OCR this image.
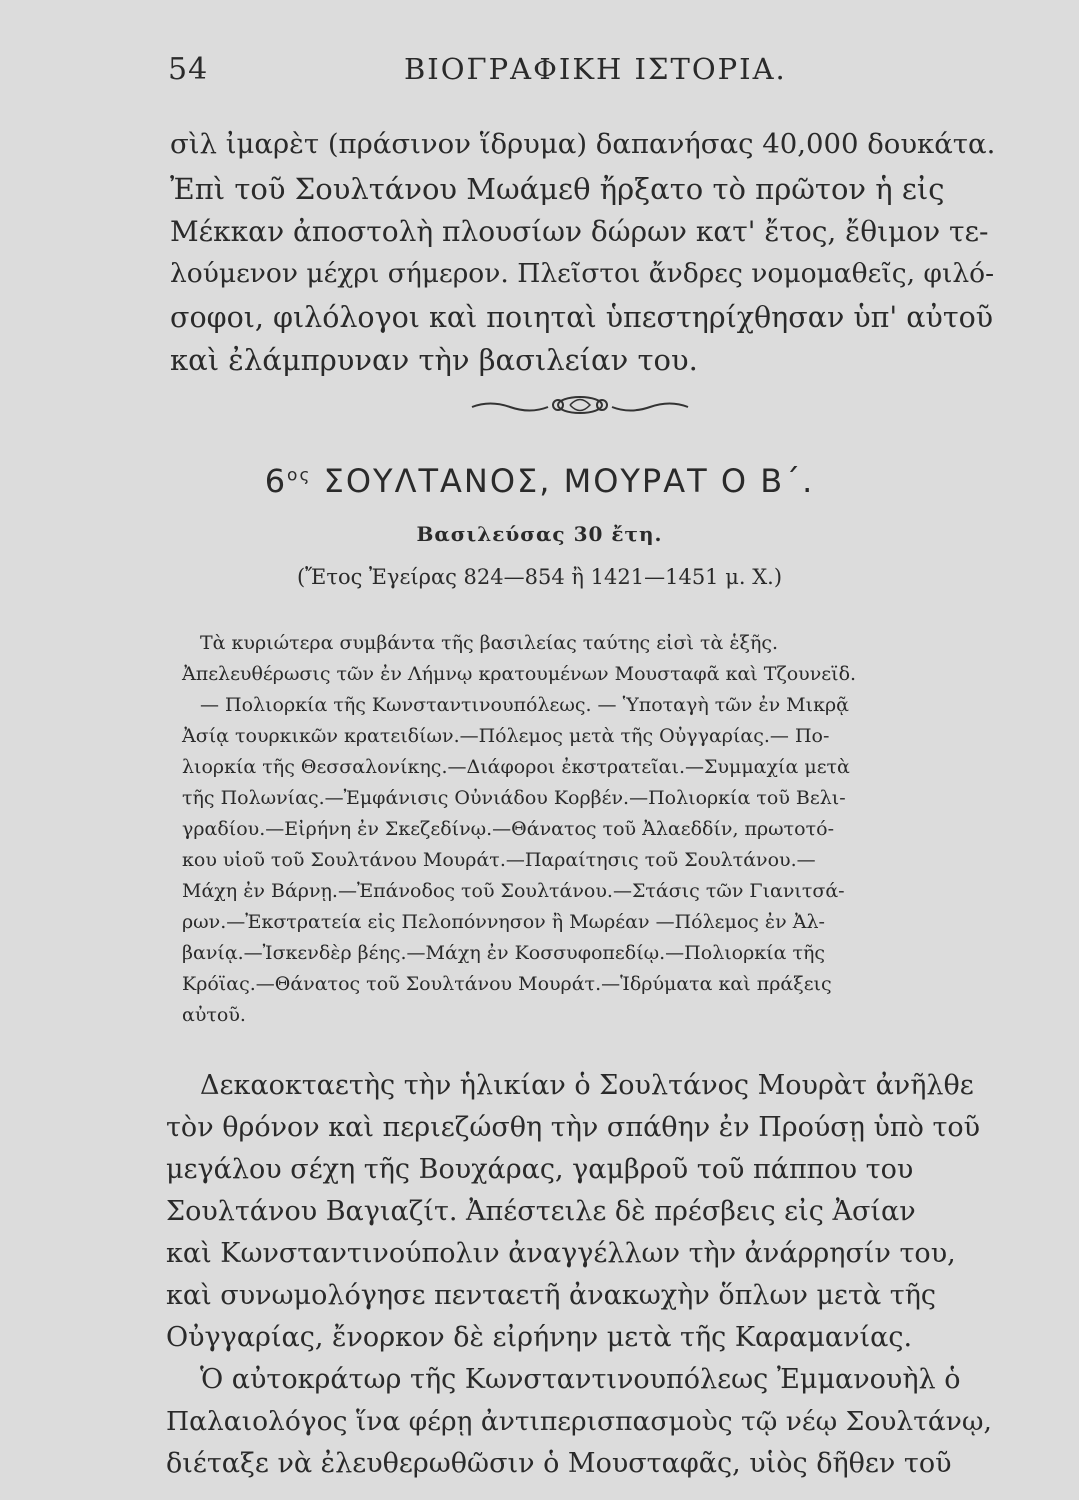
54	ΒΙΟΓΡΑΦΙΚΗ ΙΣΤΟΡΙΑ.
σὶλ ἰμαρὲτ (πράσινον ἵδρυμα) δαπανήσας 40,000 δουκάτα.
Ἐπὶ τοῦ Σουλτάνου Μωάμεθ ἤρξατο τὸ πρῶτον ἡ εἰς
Μέκκαν ἀποστολὴ πλουσίων δώρων κατ' ἔτος, ἔθιμον τε-
λούμενον μέχρι σήμερον. Πλεῖστοι ἄνδρες νομομαθεῖς, φιλό-
σοφοι, φιλόλογοι καὶ ποιηταὶ ὑπεστηρίχθησαν ὑπ' αὐτοῦ
καὶ ἐλάμπρυναν τὴν βασιλείαν του.
$6^{o\varsigma}$ ΣΟΥΛΤΑΝΟΣ, ΜΟΥΡΑΤ Ο Β΄.
Βασιλεύσας 30 ἔτη.
(Ἔτος Ἐγείρας 824—854 ἢ 1421—1451 μ. Χ.)
Τὰ κυριώτερα συμβάντα τῆς βασιλείας ταύτης εἰσὶ τὰ ἑξῆς.
Ἀπελευθέρωσις τῶν ἐν Λήμνῳ κρατουμένων Μουσταφᾶ καὶ Τζουνεϊδ.
— Πολιορκία τῆς Κωνσταντινουπόλεως. — Ὑποταγὴ τῶν ἐν Μικρᾷ
Ἀσίᾳ τουρκικῶν κρατειδίων.—Πόλεμος μετὰ τῆς Οὐγγαρίας.— Πο-
λιορκία τῆς Θεσσαλονίκης.—Διάφοροι ἐκστρατεῖαι.—Συμμαχία μετὰ
τῆς Πολωνίας.—Ἐμφάνισις Οὐνιάδου Κορβέν.—Πολιορκία τοῦ Βελι-
γραδίου.—Εἰρήνη ἐν Σκεζεδίνῳ.—Θάνατος τοῦ Ἀλαεδδίν, πρωτοτό-
κου υἱοῦ τοῦ Σουλτάνου Μουράτ.—Παραίτησις τοῦ Σουλτάνου.—
Μάχη ἐν Βάρνῃ.—Ἐπάνοδος τοῦ Σουλτάνου.—Στάσις τῶν Γιανιτσά-
ρων.—Ἐκστρατεία εἰς Πελοπόννησον ἢ Μωρέαν —Πόλεμος ἐν Ἀλ-
βανίᾳ.—Ἰσκενδὲρ βέης.—Μάχη ἐν Κοσσυφοπεδίῳ.—Πολιορκία τῆς
Κρόϊας.—Θάνατος τοῦ Σουλτάνου Μουράτ.—Ἱδρύματα καὶ πράξεις
αὐτοῦ.
Δεκαοκταετὴς τὴν ἡλικίαν ὁ Σουλτάνος Μουρὰτ ἀνῆλθε
τὸν θρόνον καὶ περιεζώσθη τὴν σπάθην ἐν Προύσῃ ὑπὸ τοῦ
μεγάλου σέχη τῆς Βουχάρας, γαμβροῦ τοῦ πάππου του
Σουλτάνου Βαγιαζίτ. Ἀπέστειλε δὲ πρέσβεις εἰς Ἀσίαν
καὶ Κωνσταντινούπολιν ἀναγγέλλων τὴν ἀνάρρησίν του,
καὶ συνωμολόγησε πενταετῆ ἀνακωχὴν ὅπλων μετὰ τῆς
Οὐγγαρίας, ἔνορκον δὲ εἰρήνην μετὰ τῆς Καραμανίας.
Ὁ αὐτοκράτωρ τῆς Κωνσταντινουπόλεως Ἐμμανουὴλ ὁ
Παλαιολόγος ἵνα φέρῃ ἀντιπερισπασμοὺς τῷ νέῳ Σουλτάνῳ,
διέταξε νὰ ἐλευθερωθῶσιν ὁ Μουσταφᾶς, υἱὸς δῆθεν τοῦ
